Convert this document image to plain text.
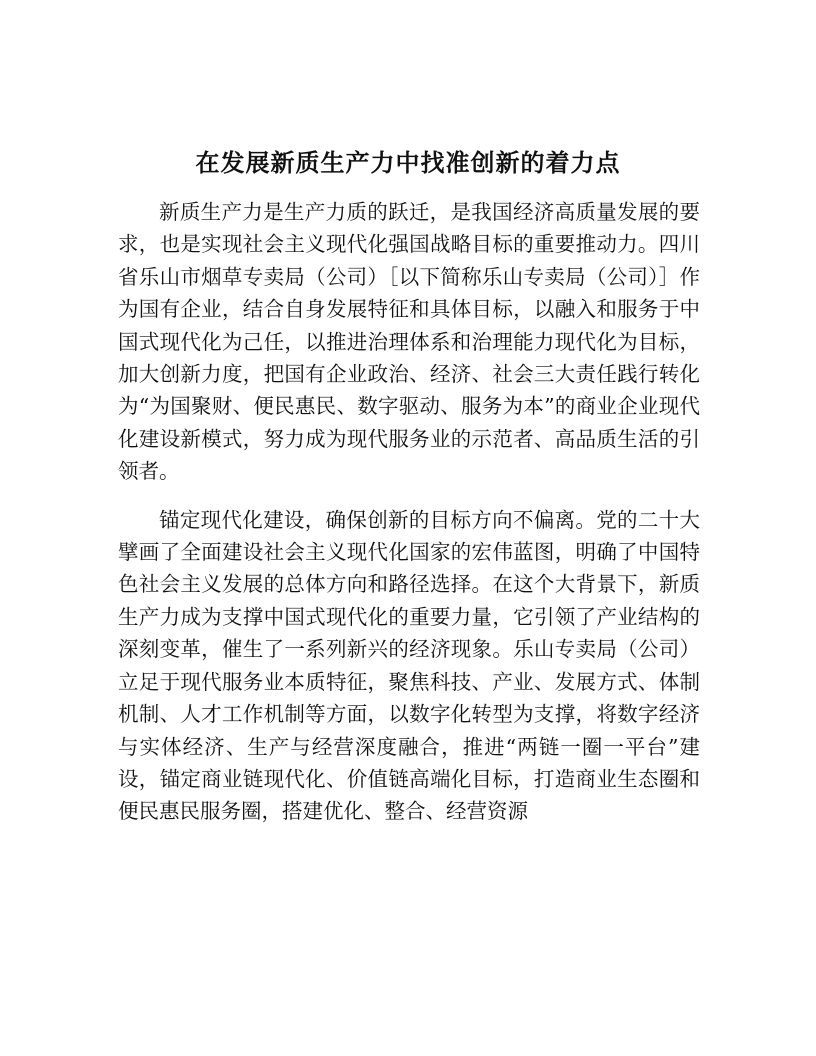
在发展新质生产力中找准创新的着力点

新质生产力是生产力质的跃迁，是我国经济高质量发展的要求，也是实现社会主义现代化强国战略目标的重要推动力。四川省乐山市烟草专卖局（公司）［以下简称乐山专卖局（公司）］作为国有企业，结合自身发展特征和具体目标，以融入和服务于中国式现代化为己任，以推进治理体系和治理能力现代化为目标，加大创新力度，把国有企业政治、经济、社会三大责任践行转化为“为国聚财、便民惠民、数字驱动、服务为本”的商业企业现代化建设新模式，努力成为现代服务业的示范者、高品质生活的引领者。

锚定现代化建设，确保创新的目标方向不偏离。党的二十大擘画了全面建设社会主义现代化国家的宏伟蓝图，明确了中国特色社会主义发展的总体方向和路径选择。在这个大背景下，新质生产力成为支撑中国式现代化的重要力量，它引领了产业结构的深刻变革，催生了一系列新兴的经济现象。乐山专卖局（公司）立足于现代服务业本质特征，聚焦科技、产业、发展方式、体制机制、人才工作机制等方面，以数字化转型为支撑，将数字经济与实体经济、生产与经营深度融合，推进“两链一圈一平台”建设，锚定商业链现代化、价值链高端化目标，打造商业生态圈和便民惠民服务圈，搭建优化、整合、经营资源
